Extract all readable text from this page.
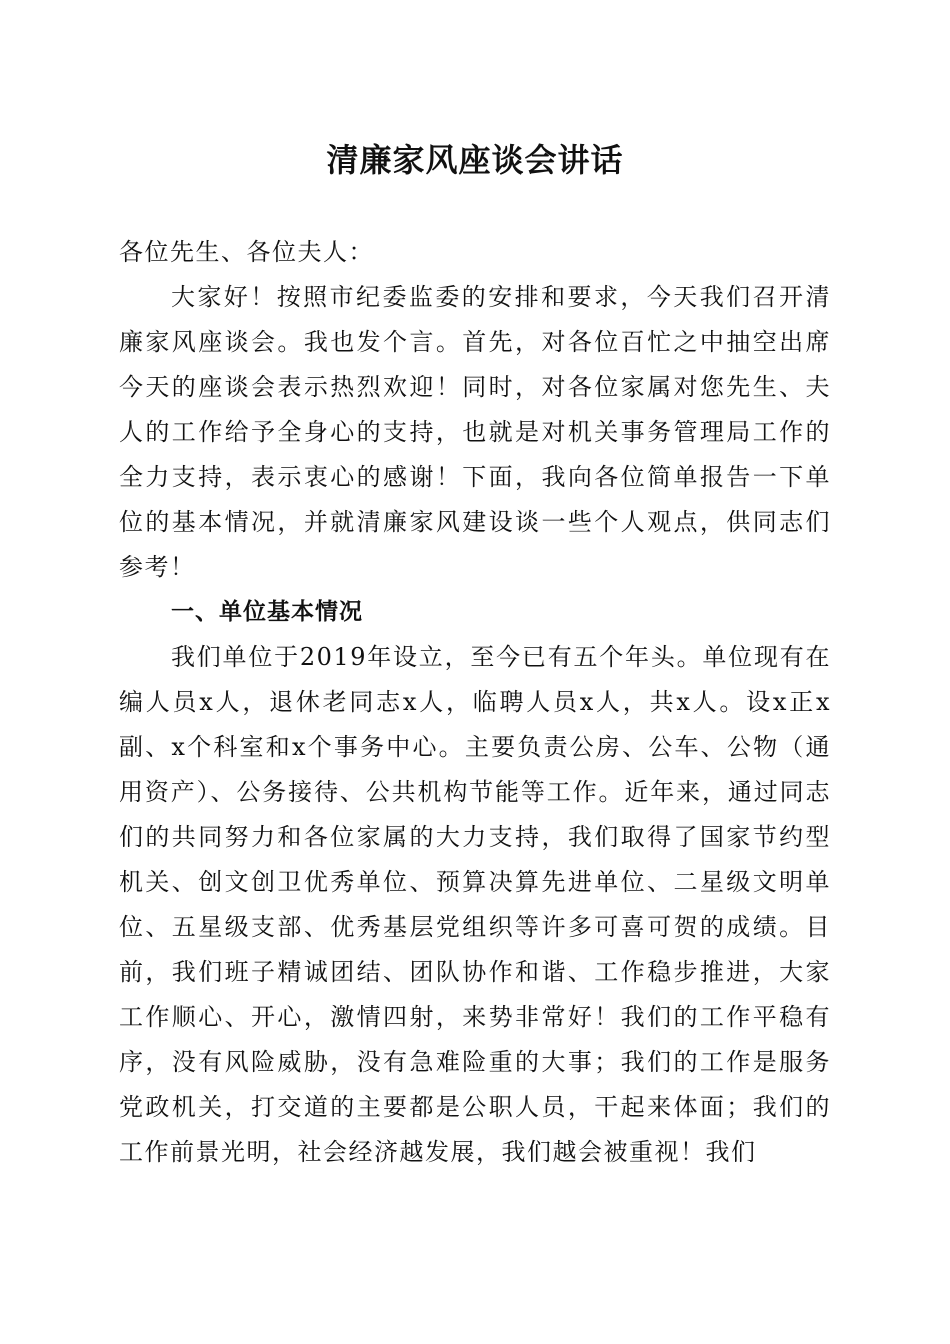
清廉家风座谈会讲话

各位先生、各位夫人：

大家好！按照市纪委监委的安排和要求，今天我们召开清廉家风座谈会。我也发个言。首先，对各位百忙之中抽空出席今天的座谈会表示热烈欢迎！同时，对各位家属对您先生、夫人的工作给予全身心的支持，也就是对机关事务管理局工作的全力支持，表示衷心的感谢！下面，我向各位简单报告一下单位的基本情况，并就清廉家风建设谈一些个人观点，供同志们参考！

一、单位基本情况

我们单位于2019年设立，至今已有五个年头。单位现有在编人员x人，退休老同志x人，临聘人员x人，共x人。设x正x副、x个科室和x个事务中心。主要负责公房、公车、公物（通用资产）、公务接待、公共机构节能等工作。近年来，通过同志们的共同努力和各位家属的大力支持，我们取得了国家节约型机关、创文创卫优秀单位、预算决算先进单位、二星级文明单位、五星级支部、优秀基层党组织等许多可喜可贺的成绩。目前，我们班子精诚团结、团队协作和谐、工作稳步推进，大家工作顺心、开心，激情四射，来势非常好！我们的工作平稳有序，没有风险威胁，没有急难险重的大事；我们的工作是服务党政机关，打交道的主要都是公职人员，干起来体面；我们的工作前景光明，社会经济越发展，我们越会被重视！我们
